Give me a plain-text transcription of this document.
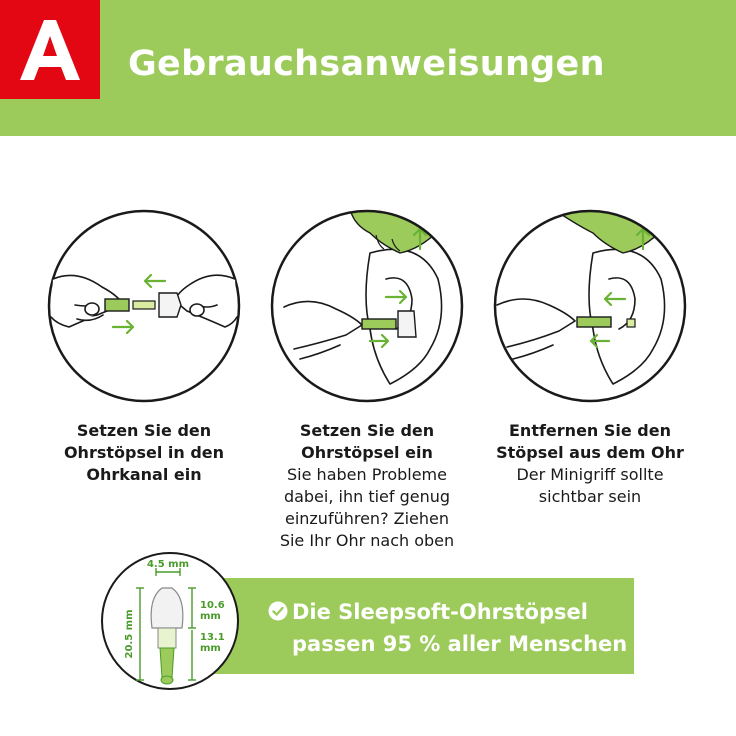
Gebrauchsanweisungen
Setzen Sie den
Ohrstöpsel in den
Ohrkanal ein
Setzen Sie den
Ohrstöpsel ein
Sie haben Probleme
dabei, ihn tief genug
einzuführen? Ziehen
Sie Ihr Ohr nach oben
Entfernen Sie den
Stöpsel aus dem Ohr
Der Minigriff sollte
sichtbar sein
Die Sleepsoft-Ohrstöpsel
passen 95 % aller Menschen
4.5 mm
20.5 mm
10.6
mm
13.1
mm
